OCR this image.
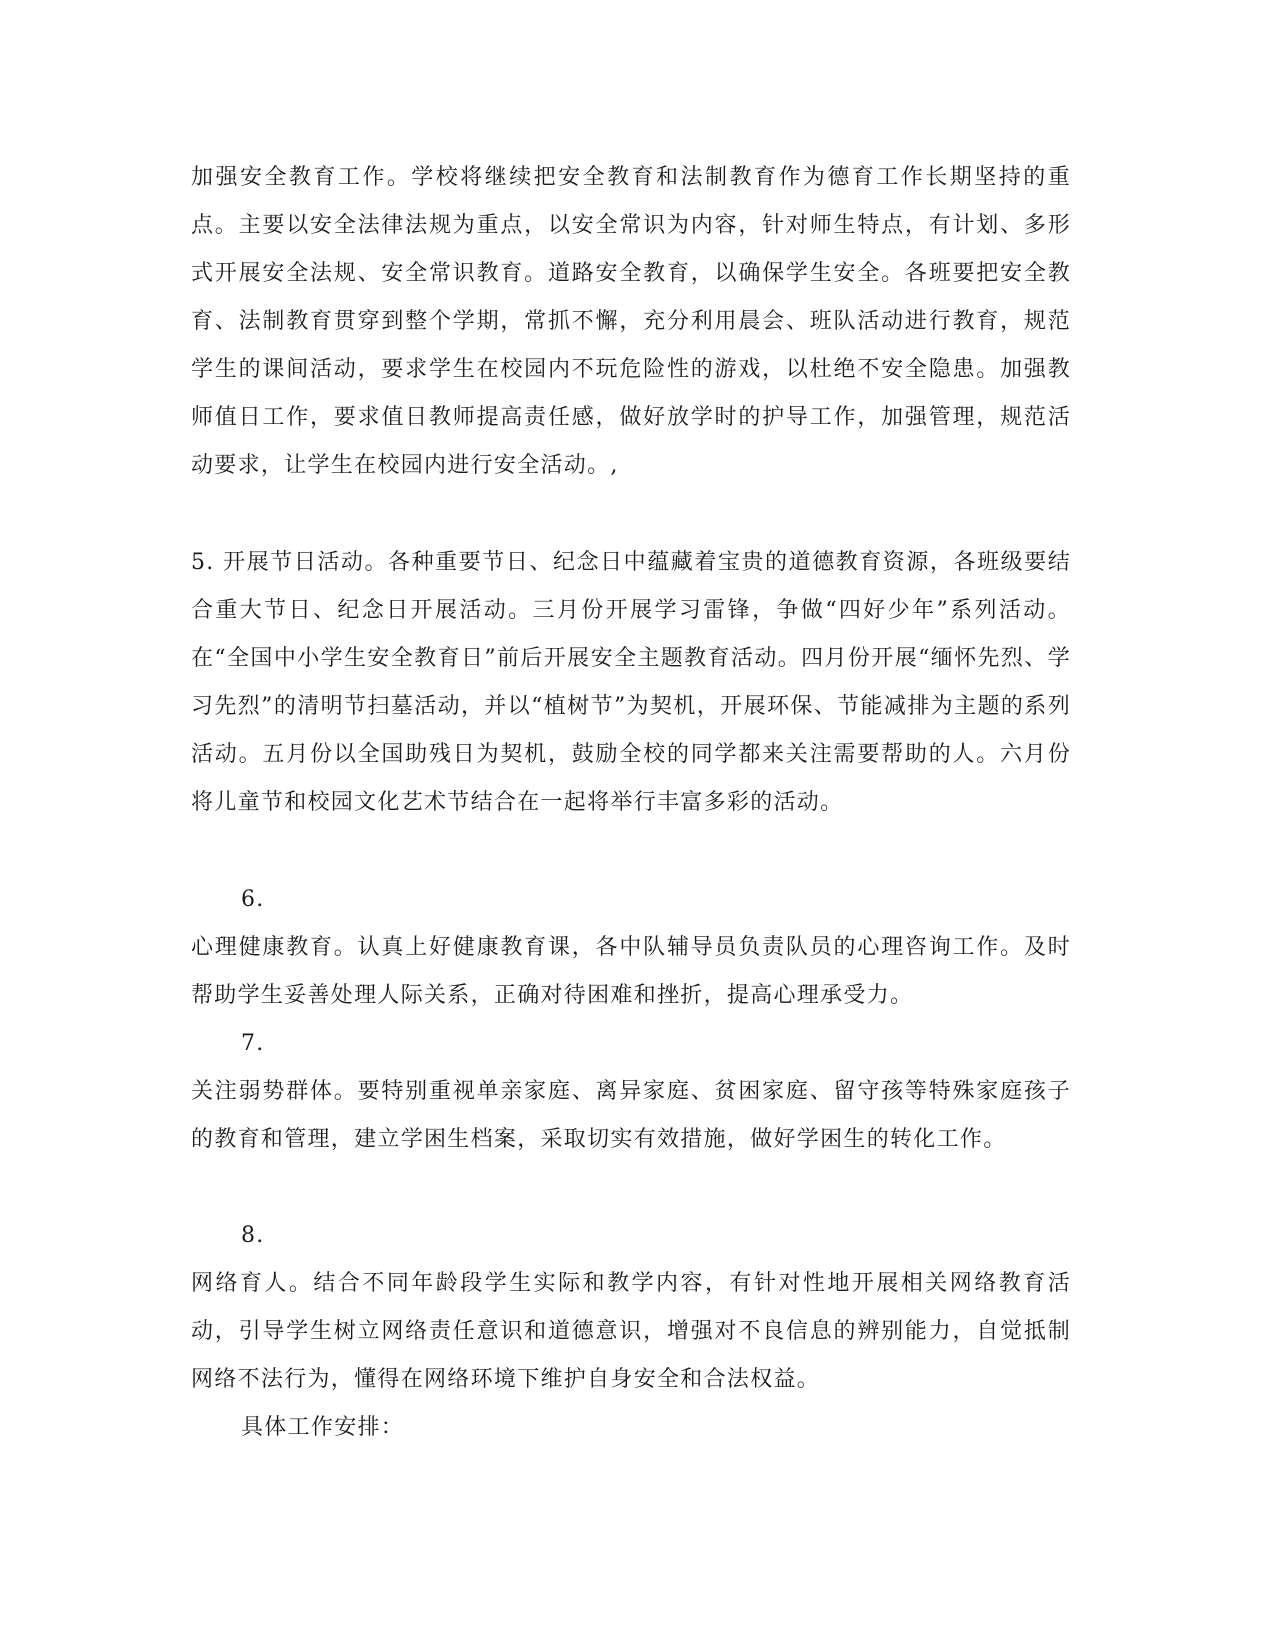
加强安全教育工作。学校将继续把安全教育和法制教育作为德育工作长期坚持的重点。主要以安全法律法规为重点，以安全常识为内容，针对师生特点，有计划、多形式开展安全法规、安全常识教育。道路安全教育，以确保学生安全。各班要把安全教育、法制教育贯穿到整个学期，常抓不懈，充分利用晨会、班队活动进行教育，规范学生的课间活动，要求学生在校园内不玩危险性的游戏，以杜绝不安全隐患。加强教师值日工作，要求值日教师提高责任感，做好放学时的护导工作，加强管理，规范活动要求，让学生在校园内进行安全活动。,

5. 开展节日活动。各种重要节日、纪念日中蕴藏着宝贵的道德教育资源，各班级要结合重大节日、纪念日开展活动。三月份开展学习雷锋，争做“四好少年”系列活动。在“全国中小学生安全教育日”前后开展安全主题教育活动。四月份开展“缅怀先烈、学习先烈”的清明节扫墓活动，并以“植树节”为契机，开展环保、节能减排为主题的系列活动。五月份以全国助残日为契机，鼓励全校的同学都来关注需要帮助的人。六月份将儿童节和校园文化艺术节结合在一起将举行丰富多彩的活动。

6.

心理健康教育。认真上好健康教育课，各中队辅导员负责队员的心理咨询工作。及时帮助学生妥善处理人际关系，正确对待困难和挫折，提高心理承受力。

7.

关注弱势群体。要特别重视单亲家庭、离异家庭、贫困家庭、留守孩等特殊家庭孩子的教育和管理，建立学困生档案，采取切实有效措施，做好学困生的转化工作。

8.

网络育人。结合不同年龄段学生实际和教学内容，有针对性地开展相关网络教育活动，引导学生树立网络责任意识和道德意识，增强对不良信息的辨别能力，自觉抵制网络不法行为，懂得在网络环境下维护自身安全和合法权益。

具体工作安排：
